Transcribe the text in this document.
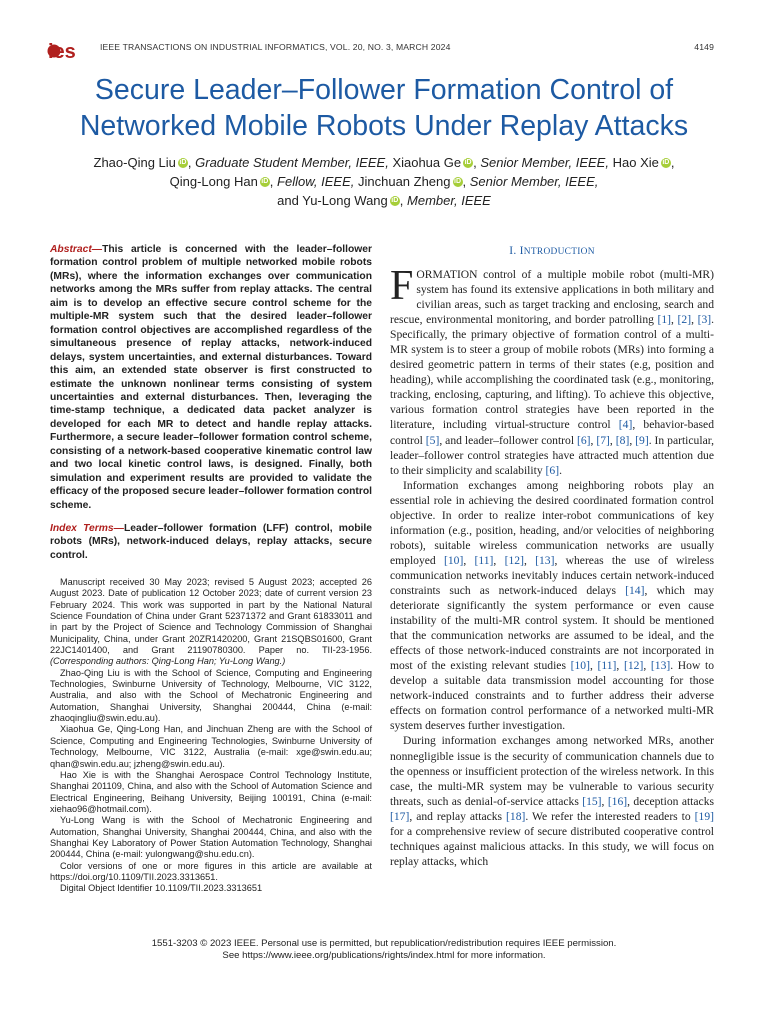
ies	IEEE TRANSACTIONS ON INDUSTRIAL INFORMATICS, VOL. 20, NO. 3, MARCH 2024	4149
Secure Leader–Follower Formation Control of
Networked Mobile Robots Under Replay Attacks
Zhao-Qing Liu iD , Graduate Student Member, IEEE, Xiaohua Ge iD , Senior Member, IEEE, Hao Xie iD ,
Qing-Long Han iD , Fellow, IEEE, Jinchuan Zheng iD , Senior Member, IEEE,
and Yu-Long Wang iD , Member, IEEE
Abstract—This article is concerned with the leader–follower formation control problem of multiple networked mobile robots (MRs), where the information exchanges over communication networks among the MRs suffer from replay attacks. The central aim is to develop an effective secure control scheme for the multiple-MR system such that the desired leader–follower formation control objectives are accomplished regardless of the simultaneous presence of replay attacks, network-induced delays, system uncertainties, and external disturbances. Toward this aim, an extended state observer is first constructed to estimate the unknown nonlinear terms consisting of system uncertainties and external disturbances. Then, leveraging the time-stamp technique, a dedicated data packet analyzer is developed for each MR to detect and handle replay attacks. Furthermore, a secure leader–follower formation control scheme, consisting of a network-based cooperative kinematic control law and two local kinetic control laws, is designed. Finally, both simulation and experiment results are provided to validate the efficacy of the proposed secure leader–follower formation control scheme.
Index Terms—Leader–follower formation (LFF) control, mobile robots (MRs), network-induced delays, replay attacks, secure control.

Manuscript received 30 May 2023; revised 5 August 2023; accepted 26 August 2023. Date of publication 12 October 2023; date of current version 23 February 2024. This work was supported in part by the National Natural Science Foundation of China under Grant 52371372 and Grant 61833011 and in part by the Project of Science and Technology Commission of Shanghai Municipality, China, under Grant 20ZR1420200, Grant 21SQBS01600, Grant 22JC1401400, and Grant 21190780300. Paper no. TII-23-1956. (Corresponding authors: Qing-Long Han; Yu-Long Wang.)

Zhao-Qing Liu is with the School of Science, Computing and Engineering Technologies, Swinburne University of Technology, Melbourne, VIC 3122, Australia, and also with the School of Mechatronic Engineering and Automation, Shanghai University, Shanghai 200444, China (e-mail: zhaoqingliu@swin.edu.au).

Xiaohua Ge, Qing-Long Han, and Jinchuan Zheng are with the School of Science, Computing and Engineering Technologies, Swinburne University of Technology, Melbourne, VIC 3122, Australia (e-mail: xge@swin.edu.au; qhan@swin.edu.au; jzheng@swin.edu.au).

Hao Xie is with the Shanghai Aerospace Control Technology Institute, Shanghai 201109, China, and also with the School of Automation Science and Electrical Engineering, Beihang University, Beijing 100191, China (e-mail: xiehao96@hotmail.com).

Yu-Long Wang is with the School of Mechatronic Engineering and Automation, Shanghai University, Shanghai 200444, China, and also with the Shanghai Key Laboratory of Power Station Automation Technology, Shanghai 200444, China (e-mail: yulongwang@shu.edu.cn).

Color versions of one or more figures in this article are available at https://doi.org/10.1109/TII.2023.3313651.

Digital Object Identifier 10.1109/TII.2023.3313651

I. INTRODUCTION

FORMATION control of a multiple mobile robot (multi-MR) system has found its extensive applications in both military and civilian areas, such as target tracking and enclosing, search and rescue, environmental monitoring, and border patrolling [1], [2], [3]. Specifically, the primary objective of formation control of a multi-MR system is to steer a group of mobile robots (MRs) into forming a desired geometric pattern in terms of their states (e.g, position and heading), while accomplishing the coordinated task (e.g., monitoring, tracking, enclosing, capturing, and lifting). To achieve this objective, various formation control strategies have been reported in the literature, including virtual-structure control [4], behavior-based control [5], and leader–follower control [6], [7], [8], [9]. In particular, leader–follower control strategies have attracted much attention due to their simplicity and scalability [6].

Information exchanges among neighboring robots play an essential role in achieving the desired coordinated formation control objective. In order to realize inter-robot communications of key information (e.g., position, heading, and/or velocities of neighboring robots), suitable wireless communication networks are usually employed [10], [11], [12], [13], whereas the use of wireless communication networks inevitably induces certain network-induced constraints such as network-induced delays [14], which may deteriorate significantly the system performance or even cause instability of the multi-MR control system. It should be mentioned that the communication networks are assumed to be ideal, and the effects of those network-induced constraints are not incorporated in most of the existing relevant studies [10], [11], [12], [13]. How to develop a suitable data transmission model accounting for those network-induced constraints and to further address their adverse effects on formation control performance of a networked multi-MR system deserves further investigation.

During information exchanges among networked MRs, another nonnegligible issue is the security of communication channels due to the openness or insufficient protection of the wireless network. In this case, the multi-MR system may be vulnerable to various security threats, such as denial-of-service attacks [15], [16], deception attacks [17], and replay attacks [18]. We refer the interested readers to [19] for a comprehensive review of secure distributed cooperative control techniques against malicious attacks. In this study, we will focus on replay attacks, which

1551-3203 © 2023 IEEE. Personal use is permitted, but republication/redistribution requires IEEE permission.
See https://www.ieee.org/publications/rights/index.html for more information.
